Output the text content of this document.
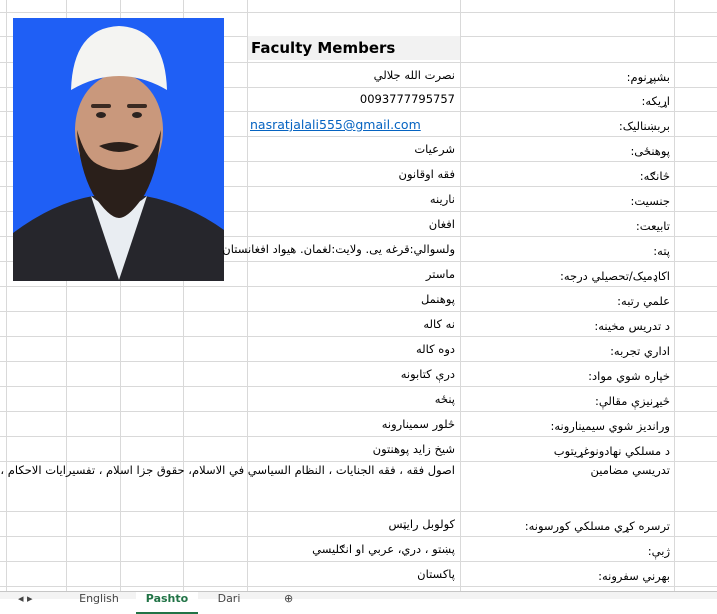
Faculty Members
بشپړنوم:
نصرت الله جلالي
اړیکه:
0093777795757
بربښنالیک:
nasratjalali555@gmail.com
پوهنځی:
شرعیات
څانګه:
فقه اوقانون
جنسیت:
نارینه
تابیعت:
افغان
پته:
ولسوالي:قرغه يى. ولايت:لغمان. هيواد افغانستان
اکاډمیک/تحصیلي درجه:
ماستر
علمي رتبه:
پوهنمل
د تدریس مخینه:
نه کاله
اداري تجربه:
دوه کاله
خپاره شوي مواد:
درې کتابونه
څیړنیزې مقالې:
پنځه
ورانديز شوي سیمینارونه:
څلور سمینارونه
د مسلکي نهادونوغړیتوب
شیخ زاید پوهنتون
تدریسي مضامین
اصول فقه ، فقه الجنايات ، النظام السياسي في الاسلام، حقوق جزا اسلام ، تفسيرايات الاحكام ،
ترسره کړي مسلکي کورسونه:
کولوبل رایټس
ژبې:
پښتو ، دري، عربي او انګلیسي
بهرني سفرونه:
پاکستان
◂ ▸	English	Pashto	Dari	⊕
